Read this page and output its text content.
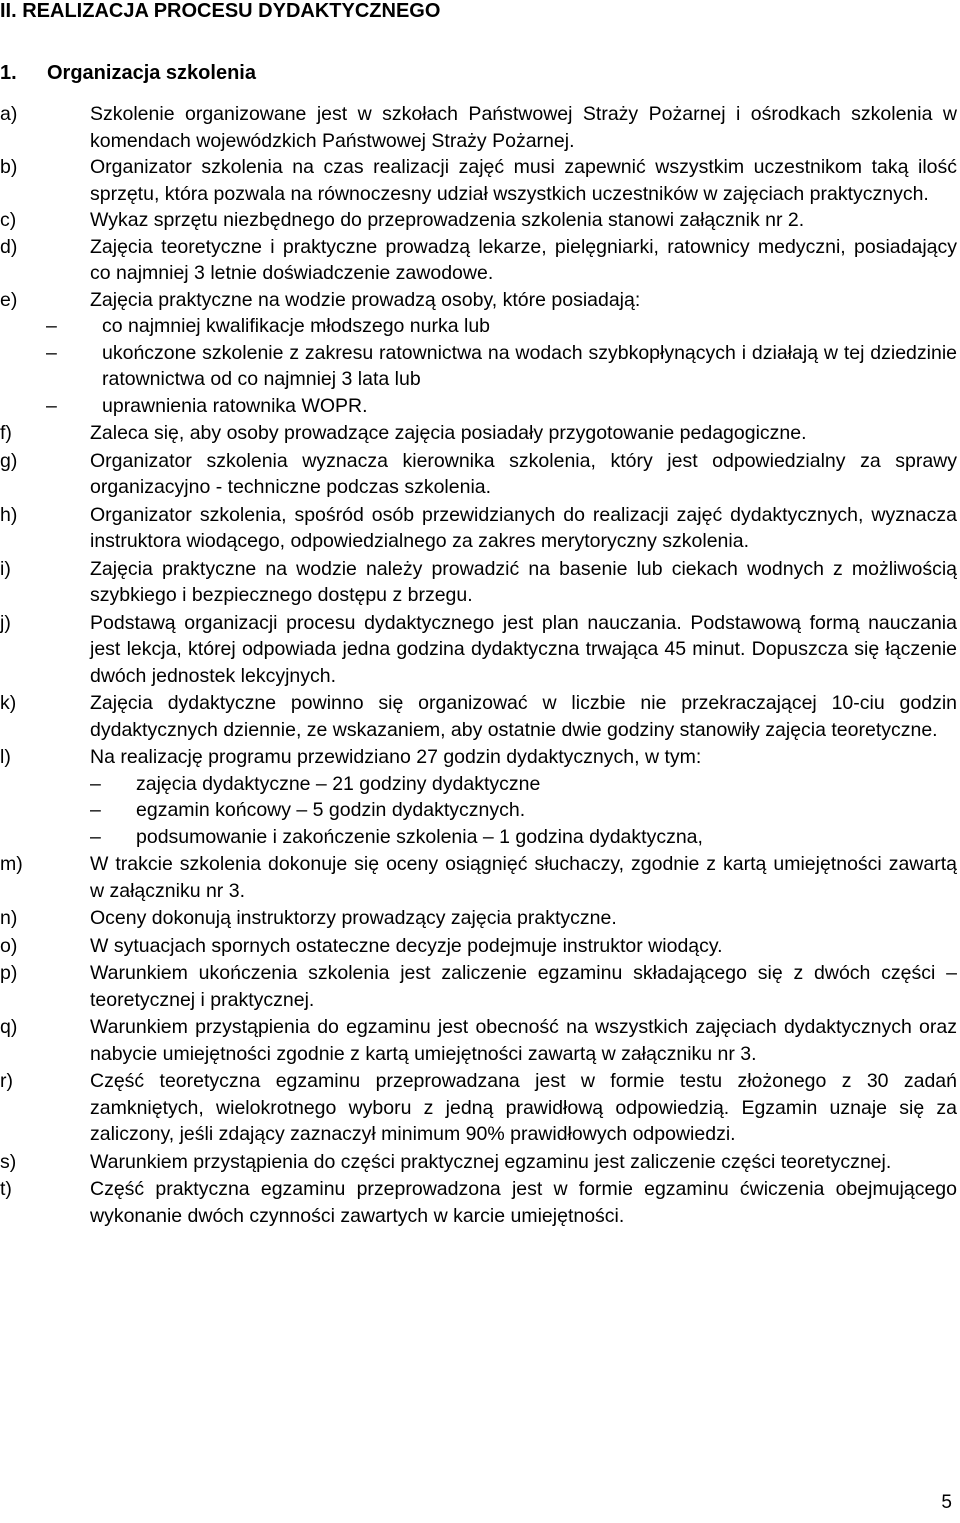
II. REALIZACJA PROCESU DYDAKTYCZNEGO
1. Organizacja szkolenia
a)	Szkolenie organizowane jest w szkołach Państwowej Straży Pożarnej i ośrodkach szkolenia w komendach wojewódzkich Państwowej Straży Pożarnej.
b)	Organizator szkolenia na czas realizacji zajęć musi zapewnić wszystkim uczestnikom taką ilość sprzętu, która pozwala na równoczesny udział wszystkich uczestników w zajęciach praktycznych.
c)	Wykaz sprzętu niezbędnego do przeprowadzenia szkolenia stanowi załącznik nr 2.
d)	Zajęcia teoretyczne i praktyczne prowadzą lekarze, pielęgniarki, ratownicy medyczni, posiadający co najmniej 3 letnie doświadczenie zawodowe.
e)	Zajęcia praktyczne na wodzie prowadzą osoby, które posiadają:
– co najmniej kwalifikacje młodszego nurka lub
– ukończone szkolenie z zakresu ratownictwa na wodach szybkopłynących i działają w tej dziedzinie ratownictwa od co najmniej 3 lata lub
– uprawnienia ratownika WOPR.
f)	Zaleca się, aby osoby prowadzące zajęcia posiadały przygotowanie pedagogiczne.
g)	Organizator szkolenia wyznacza kierownika szkolenia, który jest odpowiedzialny za sprawy organizacyjno - techniczne podczas szkolenia.
h)	Organizator szkolenia, spośród osób przewidzianych do realizacji zajęć dydaktycznych, wyznacza instruktora wiodącego, odpowiedzialnego za zakres merytoryczny szkolenia.
i)	Zajęcia praktyczne na wodzie należy prowadzić na basenie lub ciekach wodnych z możliwością szybkiego i bezpiecznego dostępu z brzegu.
j)	Podstawą organizacji procesu dydaktycznego jest plan nauczania. Podstawową formą nauczania jest lekcja, której odpowiada jedna godzina dydaktyczna trwająca 45 minut. Dopuszcza się łączenie dwóch jednostek lekcyjnych.
k)	Zajęcia dydaktyczne powinno się organizować w liczbie nie przekraczającej 10-ciu godzin dydaktycznych dziennie, ze wskazaniem, aby ostatnie dwie godziny stanowiły zajęcia teoretyczne.
l)	Na realizację programu przewidziano 27 godzin dydaktycznych, w tym:
– zajęcia dydaktyczne – 21 godziny dydaktyczne
– egzamin końcowy – 5 godzin dydaktycznych.
– podsumowanie i zakończenie szkolenia – 1 godzina dydaktyczna,
m)	W trakcie szkolenia dokonuje się oceny osiągnięć słuchaczy, zgodnie z kartą umiejętności zawartą w załączniku nr 3.
n)	Oceny dokonują instruktorzy prowadzący zajęcia praktyczne.
o)	W sytuacjach spornych ostateczne decyzje podejmuje instruktor wiodący.
p)	Warunkiem ukończenia szkolenia jest zaliczenie egzaminu składającego się z dwóch części – teoretycznej i praktycznej.
q)	Warunkiem przystąpienia do egzaminu jest obecność na wszystkich zajęciach dydaktycznych oraz nabycie umiejętności zgodnie z kartą umiejętności zawartą w załączniku nr 3.
r)	Część teoretyczna egzaminu przeprowadzana jest w formie testu złożonego z 30 zadań zamkniętych, wielokrotnego wyboru z jedną prawidłową odpowiedzią. Egzamin uznaje się za zaliczony, jeśli zdający zaznaczył minimum 90% prawidłowych odpowiedzi.
s)	Warunkiem przystąpienia do części praktycznej egzaminu jest zaliczenie części teoretycznej.
t)	Część praktyczna egzaminu przeprowadzona jest w formie egzaminu ćwiczenia obejmującego wykonanie dwóch czynności zawartych w karcie umiejętności.
5
